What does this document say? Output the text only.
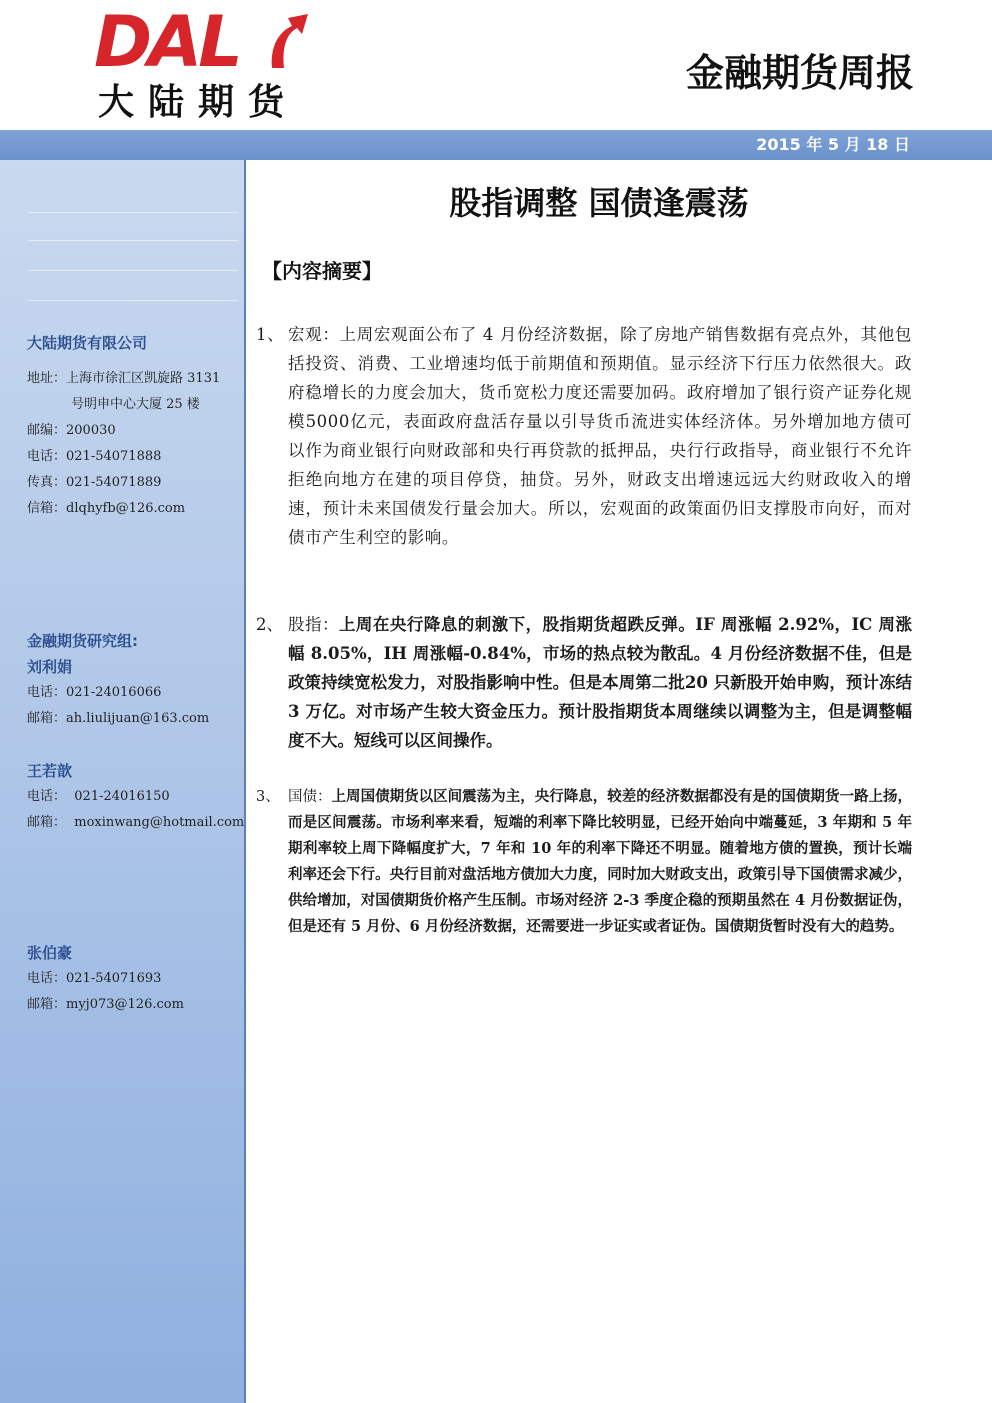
DAL
大陆期货
金融期货周报
2015 年 5 月 18 日
大陆期货有限公司
地址：上海市徐汇区凯旋路 3131
号明申中心大厦 25 楼
邮编：200030
电话：021-54071888
传真：021-54071889
信箱：dlqhyfb@126.com
金融期货研究组:
刘利娟
电话：021-24016066
邮箱：ah.liulijuan@163.com
王若歆
电话： 021-24016150
邮箱： moxinwang@hotmail.com
张伯豪
电话：021-54071693
邮箱：myj073@126.com
股指调整 国债逢震荡
【内容摘要】
1、 宏观：上周宏观面公布了 4 月份经济数据，除了房地产销售数据有亮点外，其他包括投资、消费、工业增速均低于前期值和预期值。显示经济下行压力依然很大。政府稳增长的力度会加大，货币宽松力度还需要加码。政府增加了银行资产证券化规模5000亿元，表面政府盘活存量以引导货币流进实体经济体。另外增加地方债可以作为商业银行向财政部和央行再贷款的抵押品，央行行政指导，商业银行不允许拒绝向地方在建的项目停贷，抽贷。另外，财政支出增速远远大约财政收入的增速，预计未来国债发行量会加大。所以，宏观面的政策面仍旧支撑股市向好，而对债市产生利空的影响。
2、 股指：上周在央行降息的刺激下，股指期货超跌反弹。IF 周涨幅 2.92%，IC 周涨幅 8.05%，IH 周涨幅-0.84%，市场的热点较为散乱。4 月份经济数据不佳，但是政策持续宽松发力，对股指影响中性。但是本周第二批20 只新股开始申购，预计冻结 3 万亿。对市场产生较大资金压力。预计股指期货本周继续以调整为主，但是调整幅度不大。短线可以区间操作。
3、 国债：上周国债期货以区间震荡为主，央行降息，较差的经济数据都没有是的国债期货一路上扬，而是区间震荡。市场利率来看，短端的利率下降比较明显，已经开始向中端蔓延，3 年期和 5 年期利率较上周下降幅度扩大，7 年和 10 年的利率下降还不明显。随着地方债的置换，预计长端利率还会下行。央行目前对盘活地方债加大力度，同时加大财政支出，政策引导下国债需求减少，供给增加，对国债期货价格产生压制。市场对经济 2-3 季度企稳的预期虽然在 4 月份数据证伪，但是还有 5 月份、6 月份经济数据，还需要进一步证实或者证伪。国债期货暂时没有大的趋势。
